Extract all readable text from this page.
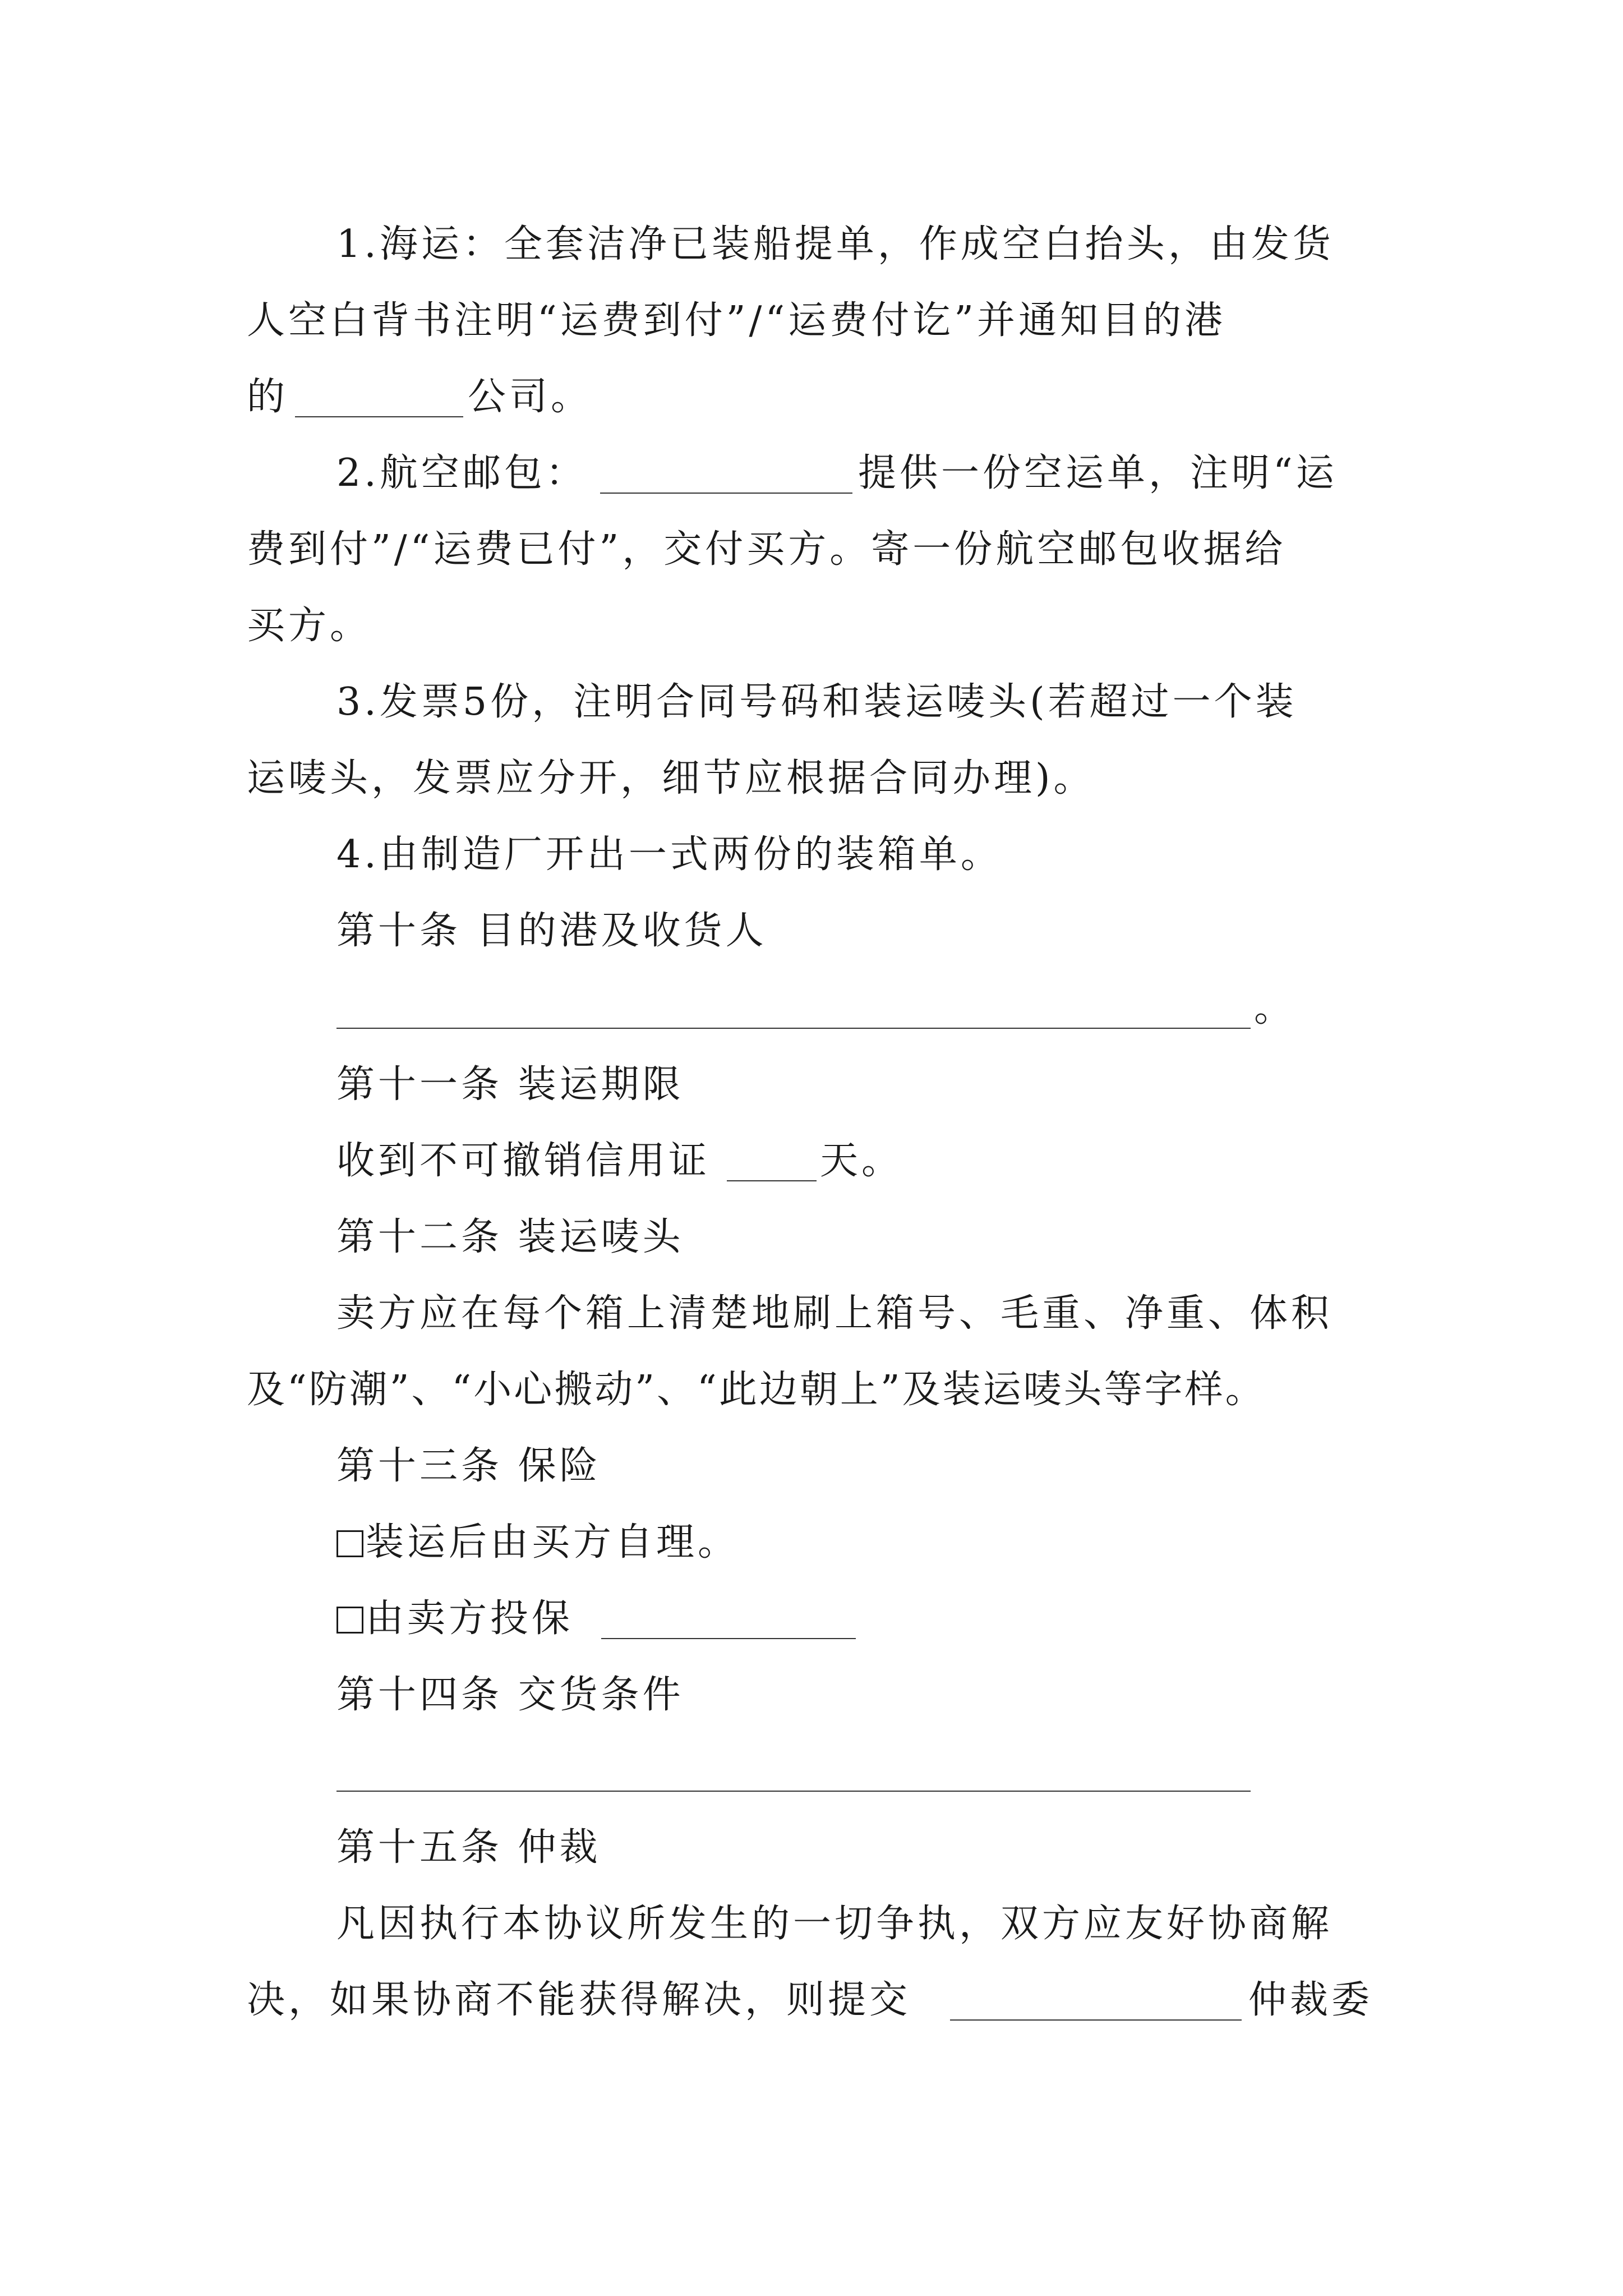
1.海运：全套洁净已装船提单，作成空白抬头，由发货
人空白背书注明“运费到付”/“运费付讫”并通知目的港
的	公司。
2.航空邮包：	提供一份空运单，注明“运
费到付”/“运费已付”，交付买方。寄一份航空邮包收据给
买方。
3.发票5份，注明合同号码和装运唛头(若超过一个装
运唛头，发票应分开，细节应根据合同办理)。
4.由制造厂开出一式两份的装箱单。
第十条 目的港及收货人
。
第十一条 装运期限
收到不可撤销信用证	天。
第十二条 装运唛头
卖方应在每个箱上清楚地刷上箱号、毛重、净重、体积
及“防潮”、“小心搬动”、“此边朝上”及装运唛头等字样。
第十三条 保险
装运后由买方自理。
由卖方投保
第十四条 交货条件
第十五条 仲裁
凡因执行本协议所发生的一切争执，双方应友好协商解
决，如果协商不能获得解决，则提交	仲裁委
